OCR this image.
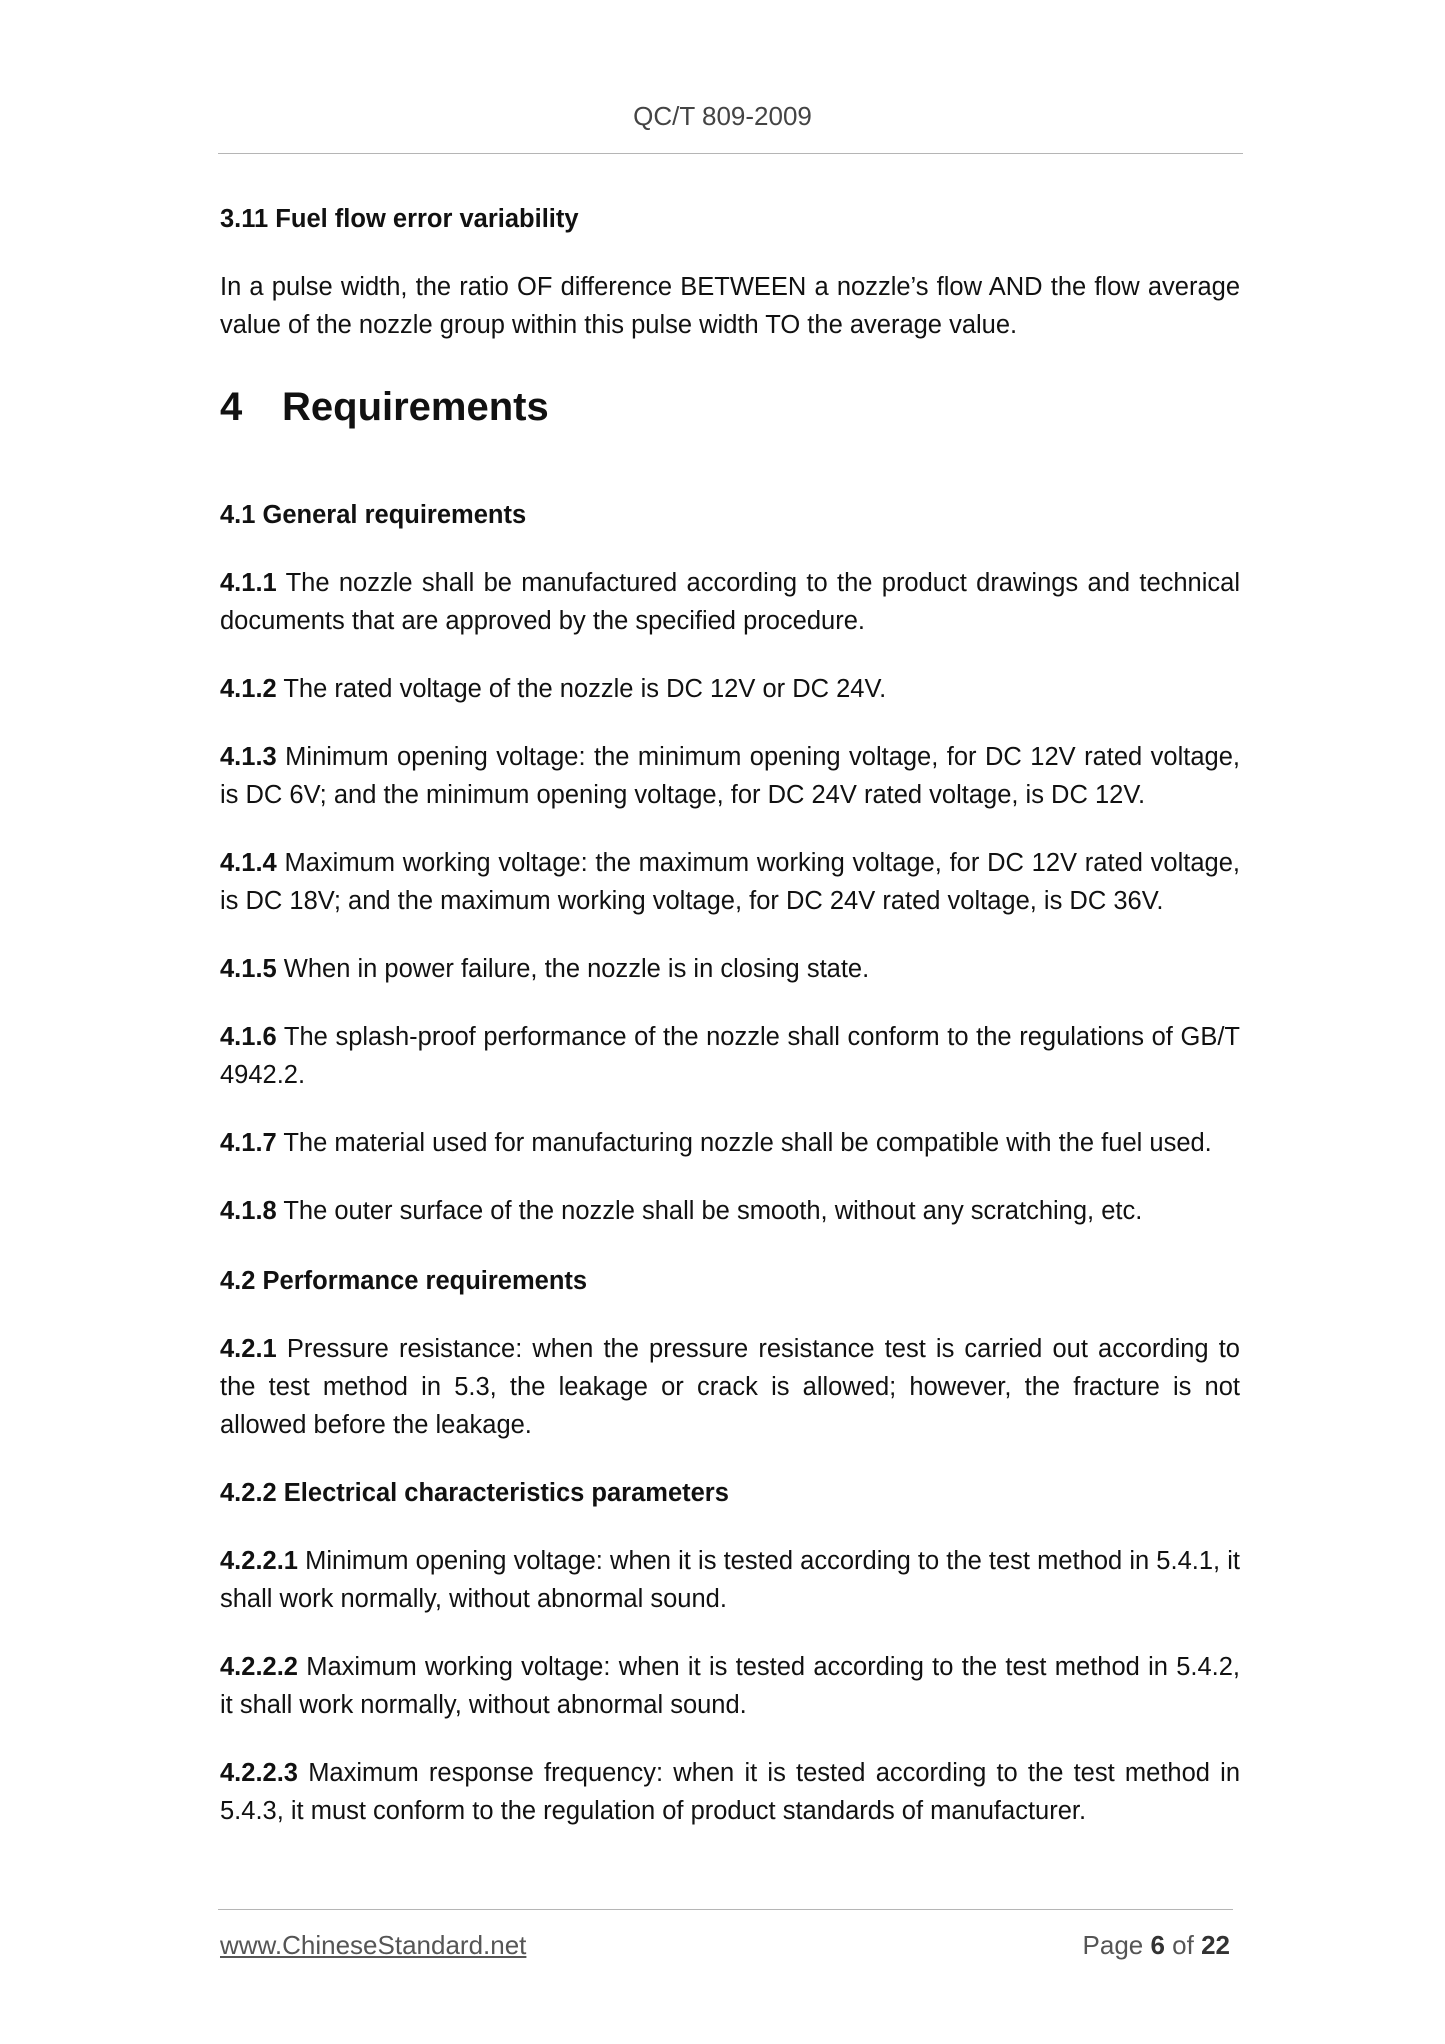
QC/T 809-2009

3.11 Fuel flow error variability

In a pulse width, the ratio OF difference BETWEEN a nozzle’s flow AND the flow average value of the nozzle group within this pulse width TO the average value.

4 Requirements

4.1 General requirements

4.1.1 The nozzle shall be manufactured according to the product drawings and technical documents that are approved by the specified procedure.

4.1.2 The rated voltage of the nozzle is DC 12V or DC 24V.

4.1.3 Minimum opening voltage: the minimum opening voltage, for DC 12V rated voltage, is DC 6V; and the minimum opening voltage, for DC 24V rated voltage, is DC 12V.

4.1.4 Maximum working voltage: the maximum working voltage, for DC 12V rated voltage, is DC 18V; and the maximum working voltage, for DC 24V rated voltage, is DC 36V.

4.1.5 When in power failure, the nozzle is in closing state.

4.1.6 The splash-proof performance of the nozzle shall conform to the regulations of GB/T 4942.2.

4.1.7 The material used for manufacturing nozzle shall be compatible with the fuel used.

4.1.8 The outer surface of the nozzle shall be smooth, without any scratching, etc.

4.2 Performance requirements

4.2.1 Pressure resistance: when the pressure resistance test is carried out according to the test method in 5.3, the leakage or crack is allowed; however, the fracture is not allowed before the leakage.

4.2.2 Electrical characteristics parameters

4.2.2.1 Minimum opening voltage: when it is tested according to the test method in 5.4.1, it shall work normally, without abnormal sound.

4.2.2.2 Maximum working voltage: when it is tested according to the test method in 5.4.2, it shall work normally, without abnormal sound.

4.2.2.3 Maximum response frequency: when it is tested according to the test method in 5.4.3, it must conform to the regulation of product standards of manufacturer.

www.ChineseStandard.net	Page 6 of 22
